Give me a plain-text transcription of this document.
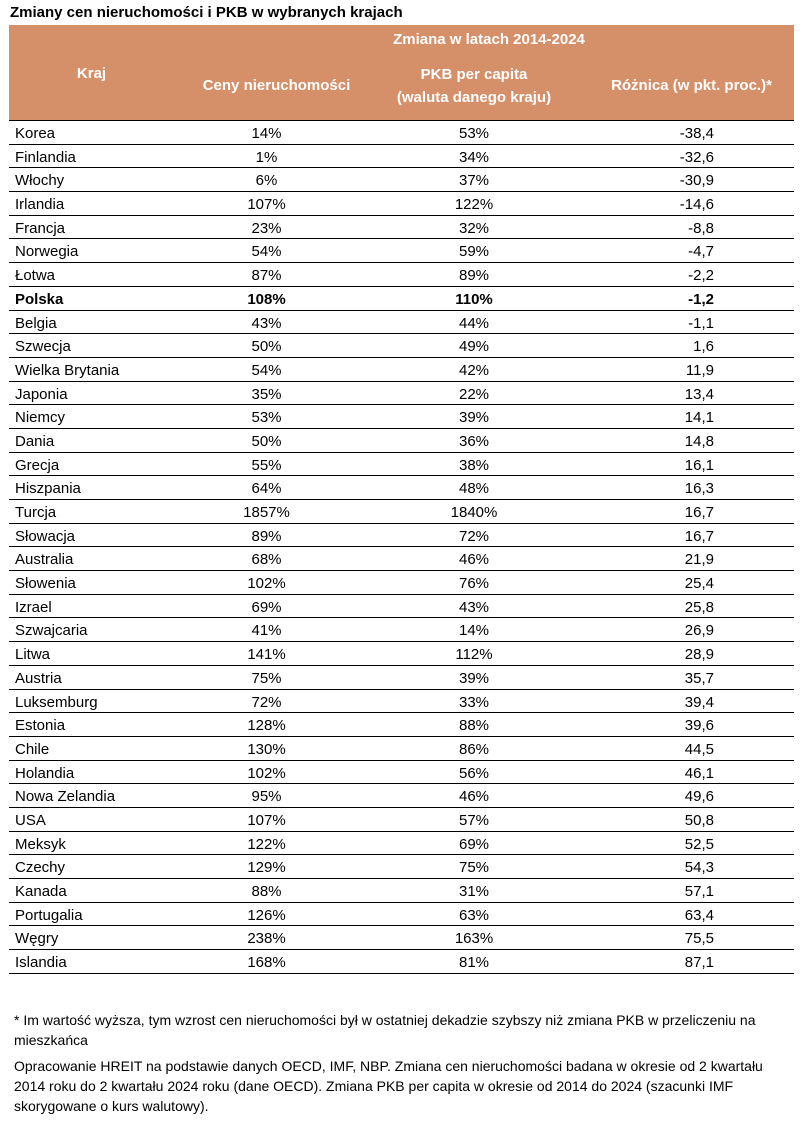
Zmiany cen nieruchomości i PKB w wybranych krajach
Zmiana w latach 2014-2024
Kraj
Ceny nieruchomości
PKB per capita
(waluta danego kraju)
Różnica (w pkt. proc.)*
Korea	14%	53%	-38,4
Finlandia	1%	34%	-32,6
Włochy	6%	37%	-30,9
Irlandia	107%	122%	-14,6
Francja	23%	32%	-8,8
Norwegia	54%	59%	-4,7
Łotwa	87%	89%	-2,2
Polska	108%	110%	-1,2
Belgia	43%	44%	-1,1
Szwecja	50%	49%	1,6
Wielka Brytania	54%	42%	11,9
Japonia	35%	22%	13,4
Niemcy	53%	39%	14,1
Dania	50%	36%	14,8
Grecja	55%	38%	16,1
Hiszpania	64%	48%	16,3
Turcja	1857%	1840%	16,7
Słowacja	89%	72%	16,7
Australia	68%	46%	21,9
Słowenia	102%	76%	25,4
Izrael	69%	43%	25,8
Szwajcaria	41%	14%	26,9
Litwa	141%	112%	28,9
Austria	75%	39%	35,7
Luksemburg	72%	33%	39,4
Estonia	128%	88%	39,6
Chile	130%	86%	44,5
Holandia	102%	56%	46,1
Nowa Zelandia	95%	46%	49,6
USA	107%	57%	50,8
Meksyk	122%	69%	52,5
Czechy	129%	75%	54,3
Kanada	88%	31%	57,1
Portugalia	126%	63%	63,4
Węgry	238%	163%	75,5
Islandia	168%	81%	87,1

* Im wartość wyższa, tym wzrost cen nieruchomości był w ostatniej dekadzie szybszy niż zmiana PKB w przeliczeniu na mieszkańca

Opracowanie HREIT na podstawie danych OECD, IMF, NBP. Zmiana cen nieruchomości badana w okresie od 2 kwartału 2014 roku do 2 kwartału 2024 roku (dane OECD). Zmiana PKB per capita w okresie od 2014 do 2024 (szacunki IMF skorygowane o kurs walutowy).
